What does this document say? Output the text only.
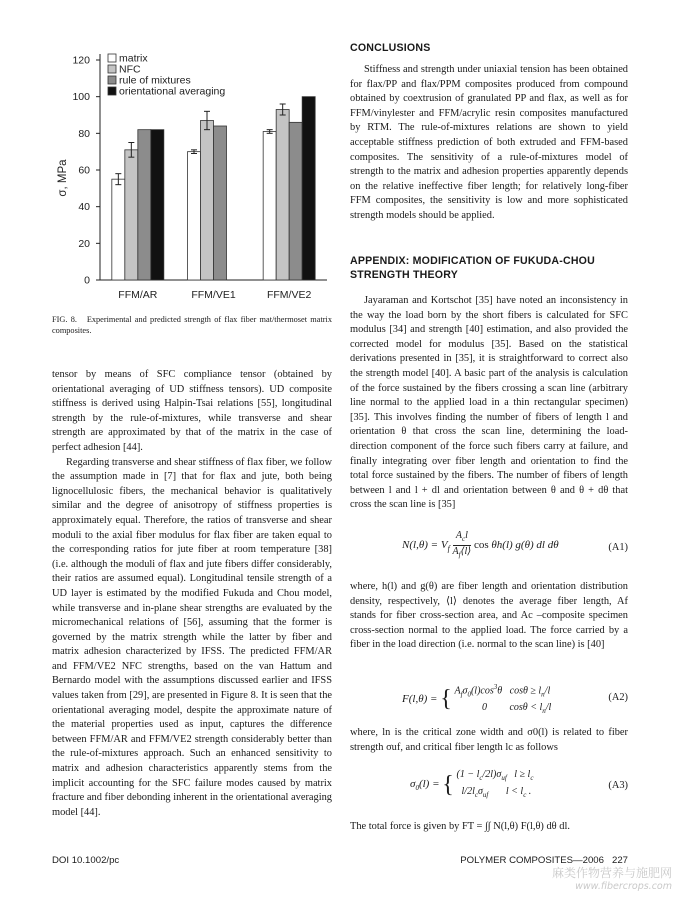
0
20
40
60
80
100
120
σ, MPa
FFM/AR	FFM/VE1	FFM/VE2
matrix
NFC
rule of mixtures
orientational averaging
FIG. 8. Experimental and predicted strength of flax fiber mat/thermoset matrix composites.

tensor by means of SFC compliance tensor (obtained by orientational averaging of UD stiffness tensors). UD composite stiffness is derived using Halpin-Tsai relations [55], longitudinal strength by the rule-of-mixtures, while transverse and shear strength are approximated by that of the matrix in the case of perfect adhesion [44].

Regarding transverse and shear stiffness of flax fiber, we follow the assumption made in [7] that for flax and jute, both being lignocellulosic fibers, the mechanical behavior is qualitatively similar and the degree of anisotropy of stiffness properties is approximately equal. Therefore, the ratios of transverse and shear moduli to the axial fiber modulus for flax fiber are taken equal to the corresponding ratios for jute fiber at room temperature [38] (i.e. although the moduli of flax and jute fibers differ considerably, their ratios are assumed equal). Longitudinal tensile strength of a UD layer is estimated by the modified Fukuda and Chou model, while transverse and in-plane shear strengths are evaluated by the micromechanical relations of [56], assuming that the former is governed by the matrix strength while the latter by fiber and matrix adhesion characterized by IFSS. The predicted FFM/AR and FFM/VE2 NFC strengths, based on the van Hattum and Bernardo model with the assumptions discussed earlier and IFSS values taken from [29], are presented in Figure 8. It is seen that the orientational averaging model, despite the approximate nature of the material properties used as input, captures the difference between FFM/AR and FFM/VE2 strength considerably better than the rule-of-mixtures approach. Such an enhanced sensitivity to matrix and adhesion characteristics apparently stems from the implicit accounting for the SFC failure modes caused by matrix fracture and fiber debonding inherent in the orientational averaging model [44].

CONCLUSIONS

Stiffness and strength under uniaxial tension has been obtained for flax/PP and flax/PPM composites produced from compound obtained by coextrusion of granulated PP and flax, as well as for FFM/vinylester and FFM/acrylic resin composites manufactured by RTM. The rule-of-mixtures relations are shown to yield acceptable stiffness prediction of both extruded and FFM-based composites. The sensitivity of a rule-of-mixtures model of strength to the matrix and adhesion properties apparently depends on the relative ineffective fiber length; for relatively long-fiber FFM composites, the sensitivity is low and more sophisticated strength models should be applied.

APPENDIX: MODIFICATION OF FUKUDA-CHOU
STRENGTH THEORY

Jayaraman and Kortschot [35] have noted an inconsistency in the way the load born by the short fibers is calculated for SFC modulus [34] and strength [40] estimation, and also provided the corrected model for modulus [35]. Based on the statistical derivations presented in [35], it is straightforward to correct also the strength model [40]. A basic part of the analysis is calculation of the force sustained by the fibers crossing a scan line (arbitrary line normal to the applied load in a thin rectangular specimen) [35]. This involves finding the number of fibers of length l and orientation θ that cross the scan line, determining the load-direction component of the force such fibers carry at failure, and finally integrating over fiber length and orientation to find the total force sustained by the fibers. The number of fibers of length between l and l + dl and orientation between θ and θ + dθ that cross the scan line is [35]

$N(l,\theta) = V_f$
$A_cl$
$A_f⟨l⟩$
cos θh(l) g(θ) dl dθ	(A1)

where, h(l) and g(θ) are fiber length and orientation distribution density, respectively, ⟨l⟩ denotes the average fiber length, Af stands for fiber cross-section area, and Ac –composite specimen cross-section normal to the applied load. The force carried by a fiber in the load direction (i.e. normal to the scan line) is [40]

F(l,θ) = { $A_f\sigma_0(l)\cos^3\theta$   $\cos\theta \ge l_n/l$
0         $\cos\theta < l_n/l$
(A2)

where, ln is the critical zone width and σ0(l) is related to fiber strength σuf, and critical fiber length lc as follows

$\sigma_0(l)$ = { $(1 - l_c/2l)\sigma_{uf}$   $l \ge l_c$
$l/2l_c\sigma_{uf}$       $l < l_c$ .
(A3)

The total force is given by FT = ∫∫ N(l,θ) F(l,θ) dθ dl.

DOI 10.1002/pc	POLYMER COMPOSITES—2006 227
麻类作物营养与施肥网
www.fibercrops.com
